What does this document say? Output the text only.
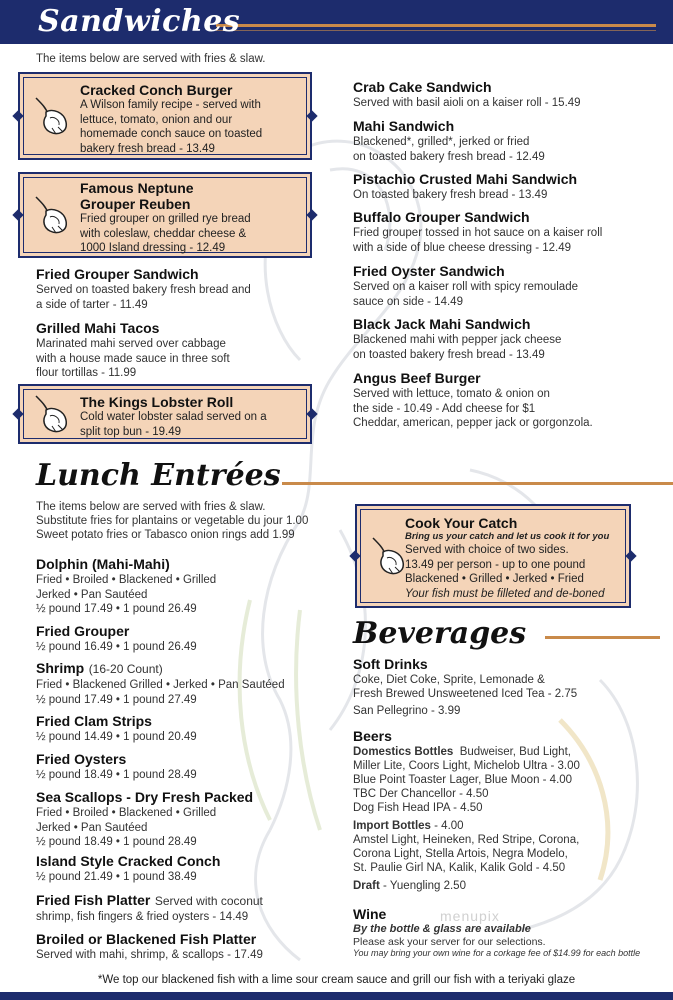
Sandwiches
The items below are served with fries & slaw.
Cracked Conch Burger
A Wilson family recipe - served with
lettuce, tomato, onion and our
homemade conch sauce on toasted
bakery fresh bread - 13.49
Famous Neptune
Grouper Reuben
Fried grouper on grilled rye bread
with coleslaw, cheddar cheese &
1000 Island dressing - 12.49
Fried Grouper Sandwich
Served on toasted bakery fresh bread and
a side of tarter - 11.49
Grilled Mahi Tacos
Marinated mahi served over cabbage
with a house made sauce in three soft
flour tortillas - 11.99
The Kings Lobster Roll
Cold water lobster salad served on a
split top bun - 19.49
Crab Cake Sandwich
Served with basil aioli on a kaiser roll - 15.49
Mahi Sandwich
Blackened*, grilled*, jerked or fried
on toasted bakery fresh bread - 12.49
Pistachio Crusted Mahi Sandwich
On toasted bakery fresh bread - 13.49
Buffalo Grouper Sandwich
Fried grouper tossed in hot sauce on a kaiser roll
with a side of blue cheese dressing - 12.49
Fried Oyster Sandwich
Served on a kaiser roll with spicy remoulade
sauce on side - 14.49
Black Jack Mahi Sandwich
Blackened mahi with pepper jack cheese
on toasted bakery fresh bread - 13.49
Angus Beef Burger
Served with lettuce, tomato & onion on
the side - 10.49 - Add cheese for $1
Cheddar, american, pepper jack or gorgonzola.
Lunch Entrées
The items below are served with fries & slaw.
Substitute fries for plantains or vegetable du jour 1.00
Sweet potato fries or Tabasco onion rings add 1.99
Dolphin (Mahi-Mahi)
Fried • Broiled • Blackened • Grilled
Jerked • Pan Sautéed
½ pound 17.49 • 1 pound 26.49
Fried Grouper
½ pound 16.49 • 1 pound 26.49
Shrimp (16-20 Count)
Fried • Blackened Grilled • Jerked • Pan Sautéed
½ pound 17.49 • 1 pound 27.49
Fried Clam Strips
½ pound 14.49 • 1 pound 20.49
Fried Oysters
½ pound 18.49 • 1 pound 28.49
Sea Scallops - Dry Fresh Packed
Fried • Broiled • Blackened • Grilled
Jerked • Pan Sautéed
½ pound 18.49 • 1 pound 28.49
Island Style Cracked Conch
½ pound 21.49 • 1 pound 38.49
Fried Fish Platter Served with coconut
shrimp, fish fingers & fried oysters - 14.49
Broiled or Blackened Fish Platter
Served with mahi, shrimp, & scallops - 17.49
Cook Your Catch
Bring us your catch and let us cook it for you
Served with choice of two sides.
13.49 per person - up to one pound
Blackened • Grilled • Jerked • Fried
Your fish must be filleted and de-boned
Beverages
Soft Drinks
Coke, Diet Coke, Sprite, Lemonade &
Fresh Brewed Unsweetened Iced Tea - 2.75
San Pellegrino - 3.99
Beers
Domestics Bottles Budweiser, Bud Light,
Miller Lite, Coors Light, Michelob Ultra - 3.00
Blue Point Toaster Lager, Blue Moon - 4.00
TBC Der Chancellor - 4.50
Dog Fish Head IPA - 4.50
Import Bottles - 4.00
Amstel Light, Heineken, Red Stripe, Corona,
Corona Light, Stella Artois, Negra Modelo,
St. Paulie Girl NA, Kalik, Kalik Gold - 4.50
Draft - Yuengling 2.50
Wine
By the bottle & glass are available
Please ask your server for our selections.
You may bring your own wine for a corkage fee of $14.99 for each bottle
menupix
*We top our blackened fish with a lime sour cream sauce and grill our fish with a teriyaki glaze
